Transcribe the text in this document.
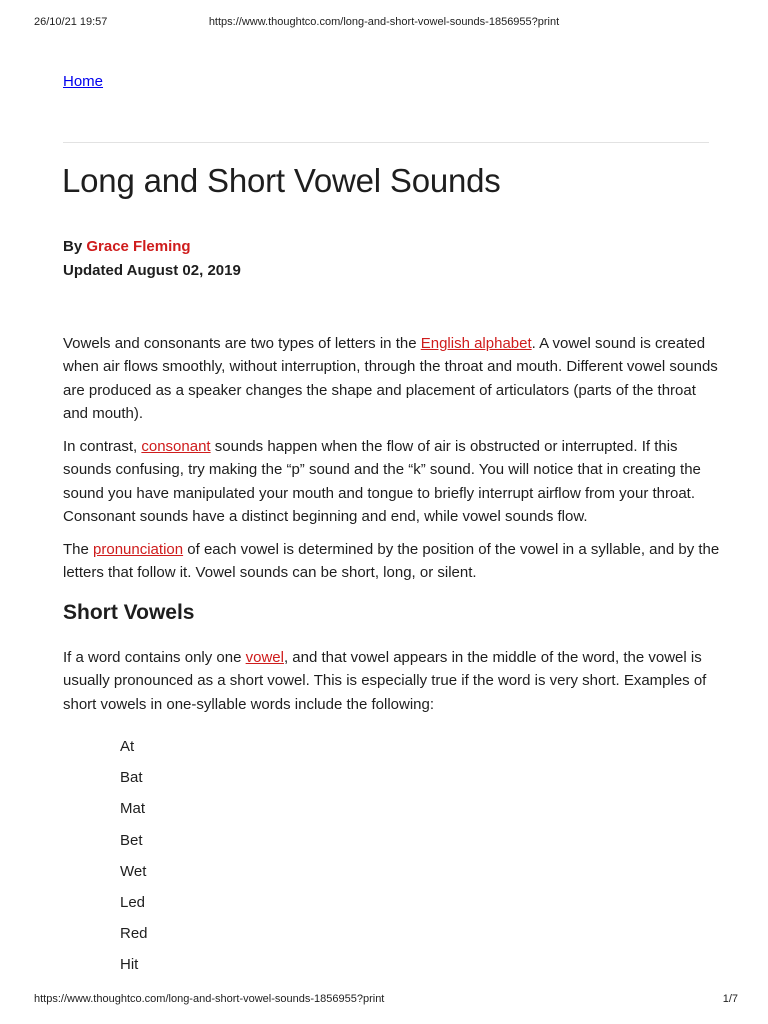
26/10/21 19:57	https://www.thoughtco.com/long-and-short-vowel-sounds-1856955?print
Home
Long and Short Vowel Sounds
By Grace Fleming
Updated August 02, 2019

Vowels and consonants are two types of letters in the English alphabet. A vowel sound is created when air flows smoothly, without interruption, through the throat and mouth. Different vowel sounds are produced as a speaker changes the shape and placement of articulators (parts of the throat and mouth).

In contrast, consonant sounds happen when the flow of air is obstructed or interrupted. If this sounds confusing, try making the “p” sound and the “k” sound. You will notice that in creating the sound you have manipulated your mouth and tongue to briefly interrupt airflow from your throat. Consonant sounds have a distinct beginning and end, while vowel sounds flow.

The pronunciation of each vowel is determined by the position of the vowel in a syllable, and by the letters that follow it. Vowel sounds can be short, long, or silent.

Short Vowels

If a word contains only one vowel, and that vowel appears in the middle of the word, the vowel is usually pronounced as a short vowel. This is especially true if the word is very short. Examples of short vowels in one-syllable words include the following:

At
Bat
Mat
Bet
Wet
Led
Red
Hit
https://www.thoughtco.com/long-and-short-vowel-sounds-1856955?print	1/7
